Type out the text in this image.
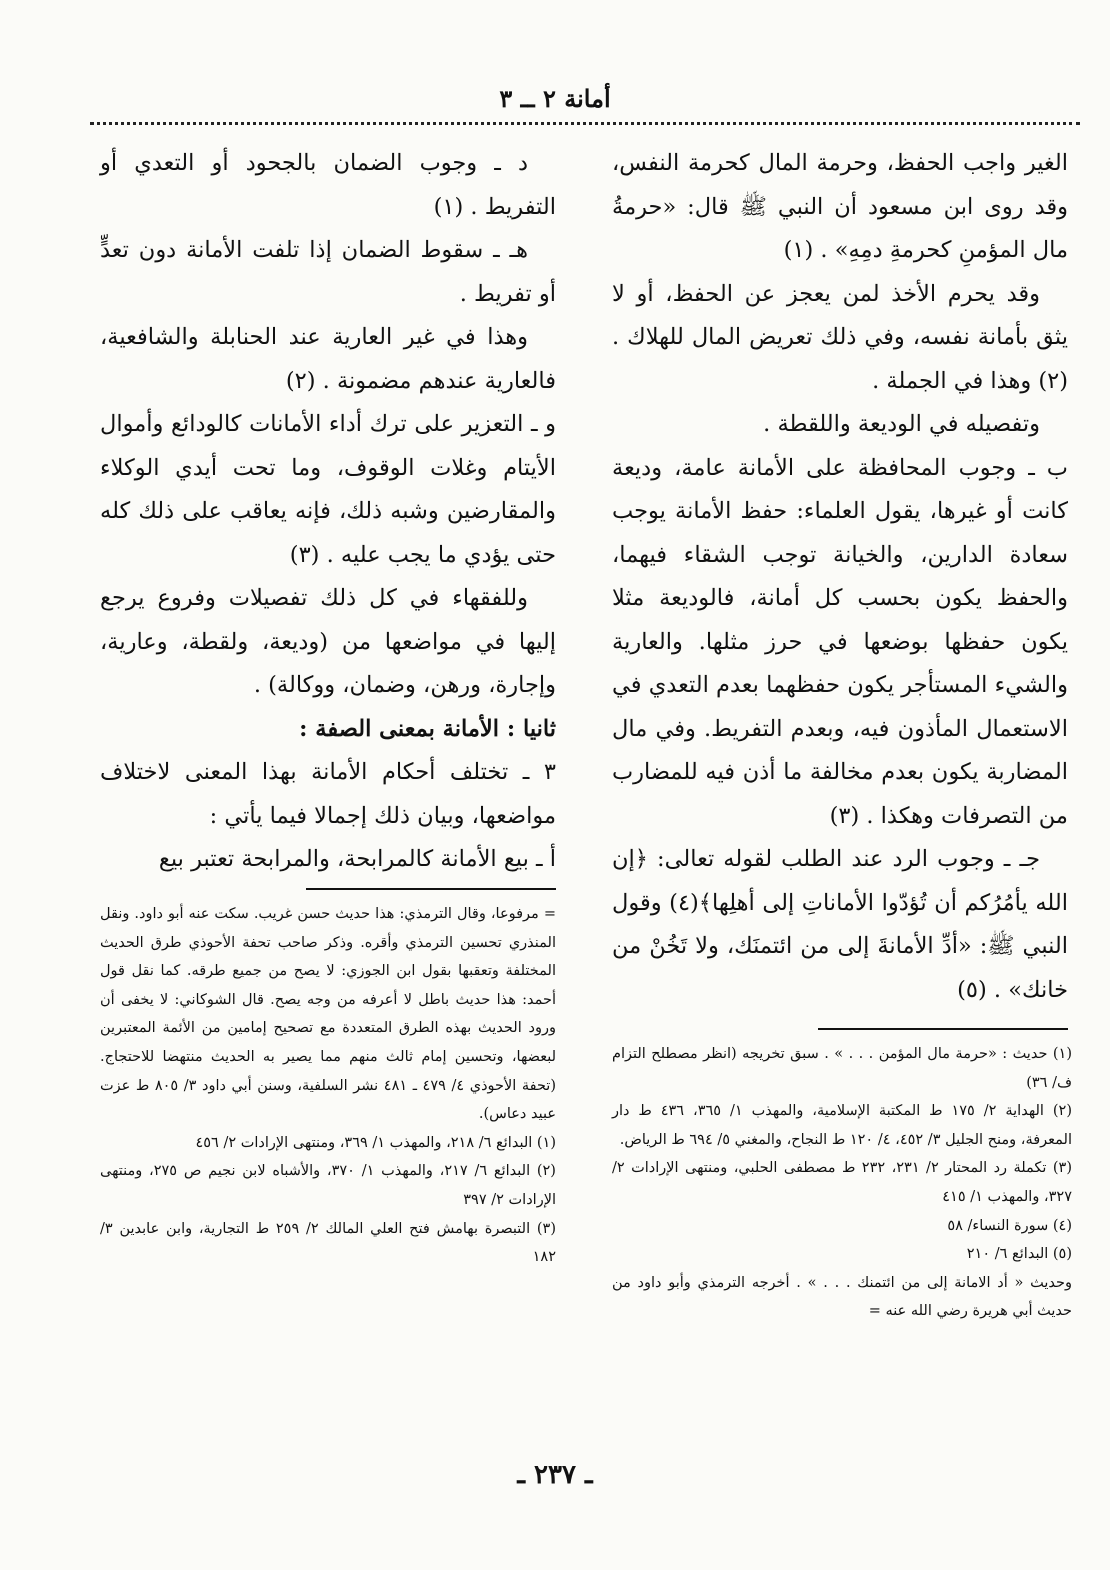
أمانة ٢ ــ ٣

الغير واجب الحفظ، وحرمة المال كحرمة النفس، وقد روى ابن مسعود أن النبي ﷺ قال: «حرمةُ مال المؤمنِ كحرمةِ دمِهِ» . (١)

وقد يحرم الأخذ لمن يعجز عن الحفظ، أو لا يثق بأمانة نفسه، وفي ذلك تعريض المال للهلاك . (٢) وهذا في الجملة .

وتفصيله في الوديعة واللقطة .

ب ـ وجوب المحافظة على الأمانة عامة، وديعة كانت أو غيرها، يقول العلماء: حفظ الأمانة يوجب سعادة الدارين، والخيانة توجب الشقاء فيهما، والحفظ يكون بحسب كل أمانة، فالوديعة مثلا يكون حفظها بوضعها في حرز مثلها. والعارية والشيء المستأجر يكون حفظهما بعدم التعدي في الاستعمال المأذون فيه، وبعدم التفريط. وفي مال المضاربة يكون بعدم مخالفة ما أذن فيه للمضارب من التصرفات وهكذا . (٣)

جـ ـ وجوب الرد عند الطلب لقوله تعالى: ﴿إن الله يأمُرُكم أن تُؤدّوا الأماناتِ إلى أهلِها﴾(٤) وقول النبي ﷺ: «أدِّ الأمانةَ إلى من ائتمنَك، ولا تَخُنْ من خانك» . (٥)

د ـ وجوب الضمان بالجحود أو التعدي أو التفريط . (١)

هـ ـ سقوط الضمان إذا تلفت الأمانة دون تعدٍّ أو تفريط .

وهذا في غير العارية عند الحنابلة والشافعية، فالعارية عندهم مضمونة . (٢)

و ـ التعزير على ترك أداء الأمانات كالودائع وأموال الأيتام وغلات الوقوف، وما تحت أيدي الوكلاء والمقارضين وشبه ذلك، فإنه يعاقب على ذلك كله حتى يؤدي ما يجب عليه . (٣)

وللفقهاء في كل ذلك تفصيلات وفروع يرجع إليها في مواضعها من (وديعة، ولقطة، وعارية، وإجارة، ورهن، وضمان، ووكالة) .

ثانيا : الأمانة بمعنى الصفة :

٣ ـ تختلف أحكام الأمانة بهذا المعنى لاختلاف مواضعها، وبيان ذلك إجمالا فيما يأتي :

أ ـ بيع الأمانة كالمرابحة، والمرابحة تعتبر بيع

(١) حديث : «حرمة مال المؤمن . . . » . سبق تخريجه (انظر مصطلح التزام ف/ ٣٦)

(٢) الهداية ٢/ ١٧٥ ط المكتبة الإسلامية، والمهذب ١/ ٣٦٥، ٤٣٦ ط دار المعرفة، ومنح الجليل ٣/ ٤٥٢، ٤/ ١٢٠ ط النجاح، والمغني ٥/ ٦٩٤ ط الرياض.

(٣) تكملة رد المحتار ٢/ ٢٣١، ٢٣٢ ط مصطفى الحلبي، ومنتهى الإرادات ٢/ ٣٢٧، والمهذب ١/ ٤١٥

(٤) سورة النساء/ ٥٨

(٥) البدائع ٦/ ٢١٠

وحديث « أد الامانة إلى من ائتمنك . . . » . أخرجه الترمذي وأبو داود من حديث أبي هريرة رضي الله عنه =

= مرفوعا، وقال الترمذي: هذا حديث حسن غريب. سكت عنه أبو داود. ونقل المنذري تحسين الترمذي وأقره. وذكر صاحب تحفة الأحوذي طرق الحديث المختلفة وتعقبها بقول ابن الجوزي: لا يصح من جميع طرقه. كما نقل قول أحمد: هذا حديث باطل لا أعرفه من وجه يصح. قال الشوكاني: لا يخفى أن ورود الحديث بهذه الطرق المتعددة مع تصحيح إمامين من الأئمة المعتبرين لبعضها، وتحسين إمام ثالث منهم مما يصير به الحديث منتهضا للاحتجاج. (تحفة الأحوذي ٤/ ٤٧٩ ـ ٤٨١ نشر السلفية، وسنن أبي داود ٣/ ٨٠٥ ط عزت عبيد دعاس).

(١) البدائع ٦/ ٢١٨، والمهذب ١/ ٣٦٩، ومنتهى الإرادات ٢/ ٤٥٦

(٢) البدائع ٦/ ٢١٧، والمهذب ١/ ٣٧٠، والأشباه لابن نجيم ص ٢٧٥، ومنتهى الإرادات ٢/ ٣٩٧

(٣) التبصرة بهامش فتح العلي المالك ٢/ ٢٥٩ ط التجارية، وابن عابدين ٣/ ١٨٢

ـ ٢٣٧ ـ
